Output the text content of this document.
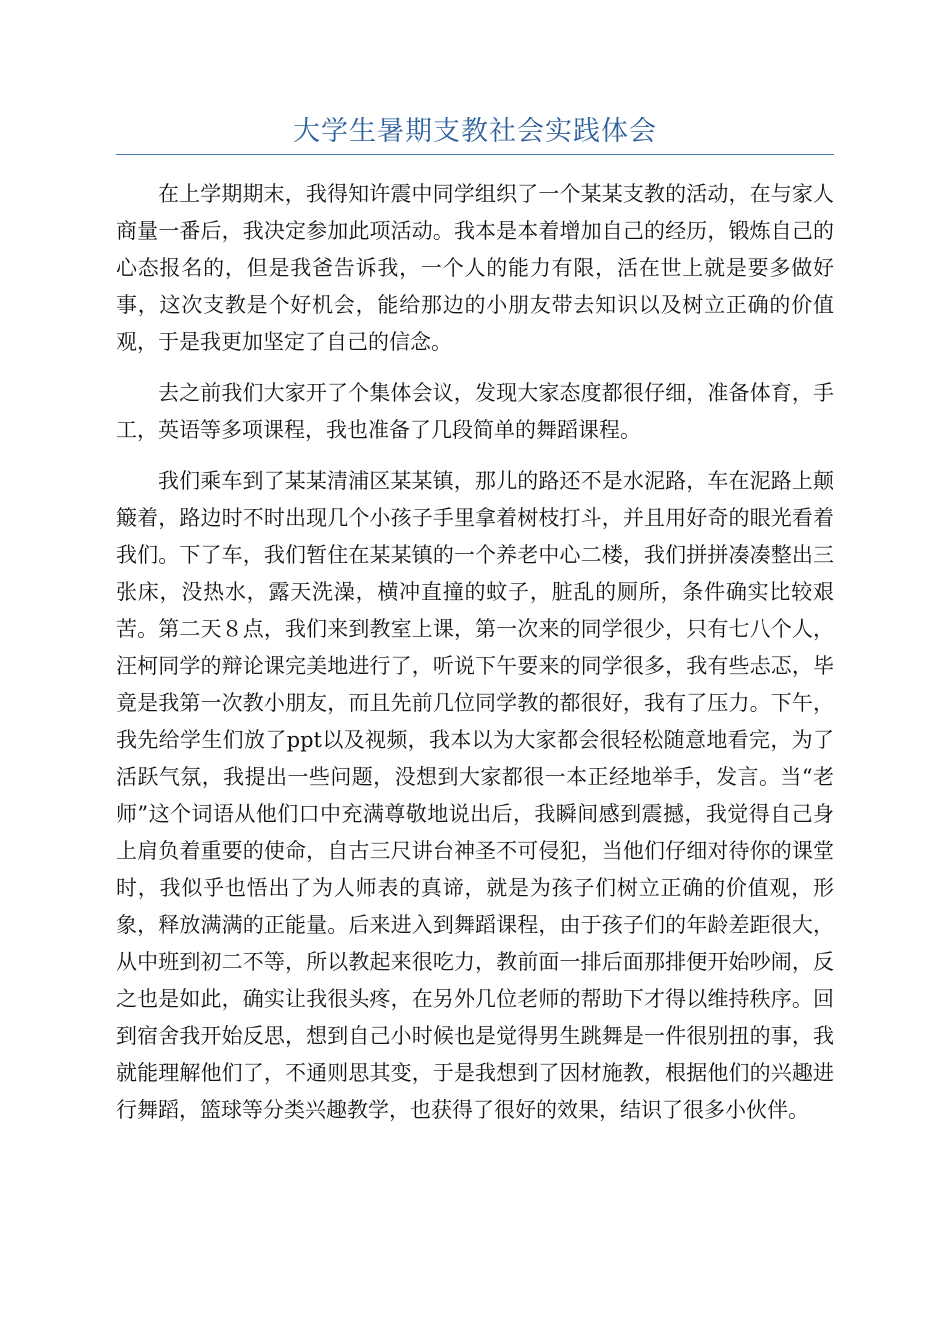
大学生暑期支教社会实践体会

在上学期期末，我得知许震中同学组织了一个某某支教的活动，在与家人商量一番后，我决定参加此项活动。我本是本着增加自己的经历，锻炼自己的心态报名的，但是我爸告诉我，一个人的能力有限，活在世上就是要多做好事，这次支教是个好机会，能给那边的小朋友带去知识以及树立正确的价值观，于是我更加坚定了自己的信念。

去之前我们大家开了个集体会议，发现大家态度都很仔细，准备体育，手工，英语等多项课程，我也准备了几段简单的舞蹈课程。

我们乘车到了某某清浦区某某镇，那儿的路还不是水泥路，车在泥路上颠簸着，路边时不时出现几个小孩子手里拿着树枝打斗，并且用好奇的眼光看着我们。下了车，我们暂住在某某镇的一个养老中心二楼，我们拼拼凑凑整出三张床，没热水，露天洗澡，横冲直撞的蚊子，脏乱的厕所，条件确实比较艰苦。第二天８点，我们来到教室上课，第一次来的同学很少，只有七八个人，汪柯同学的辩论课完美地进行了，听说下午要来的同学很多，我有些忐忑，毕竟是我第一次教小朋友，而且先前几位同学教的都很好，我有了压力。下午，我先给学生们放了ppt以及视频，我本以为大家都会很轻松随意地看完，为了活跃气氛，我提出一些问题，没想到大家都很一本正经地举手，发言。当“老师”这个词语从他们口中充满尊敬地说出后，我瞬间感到震撼，我觉得自己身上肩负着重要的使命，自古三尺讲台神圣不可侵犯，当他们仔细对待你的课堂时，我似乎也悟出了为人师表的真谛，就是为孩子们树立正确的价值观，形象，释放满满的正能量。后来进入到舞蹈课程，由于孩子们的年龄差距很大，从中班到初二不等，所以教起来很吃力，教前面一排后面那排便开始吵闹，反之也是如此，确实让我很头疼，在另外几位老师的帮助下才得以维持秩序。回到宿舍我开始反思，想到自己小时候也是觉得男生跳舞是一件很别扭的事，我就能理解他们了，不通则思其变，于是我想到了因材施教，根据他们的兴趣进行舞蹈，篮球等分类兴趣教学，也获得了很好的效果，结识了很多小伙伴。
